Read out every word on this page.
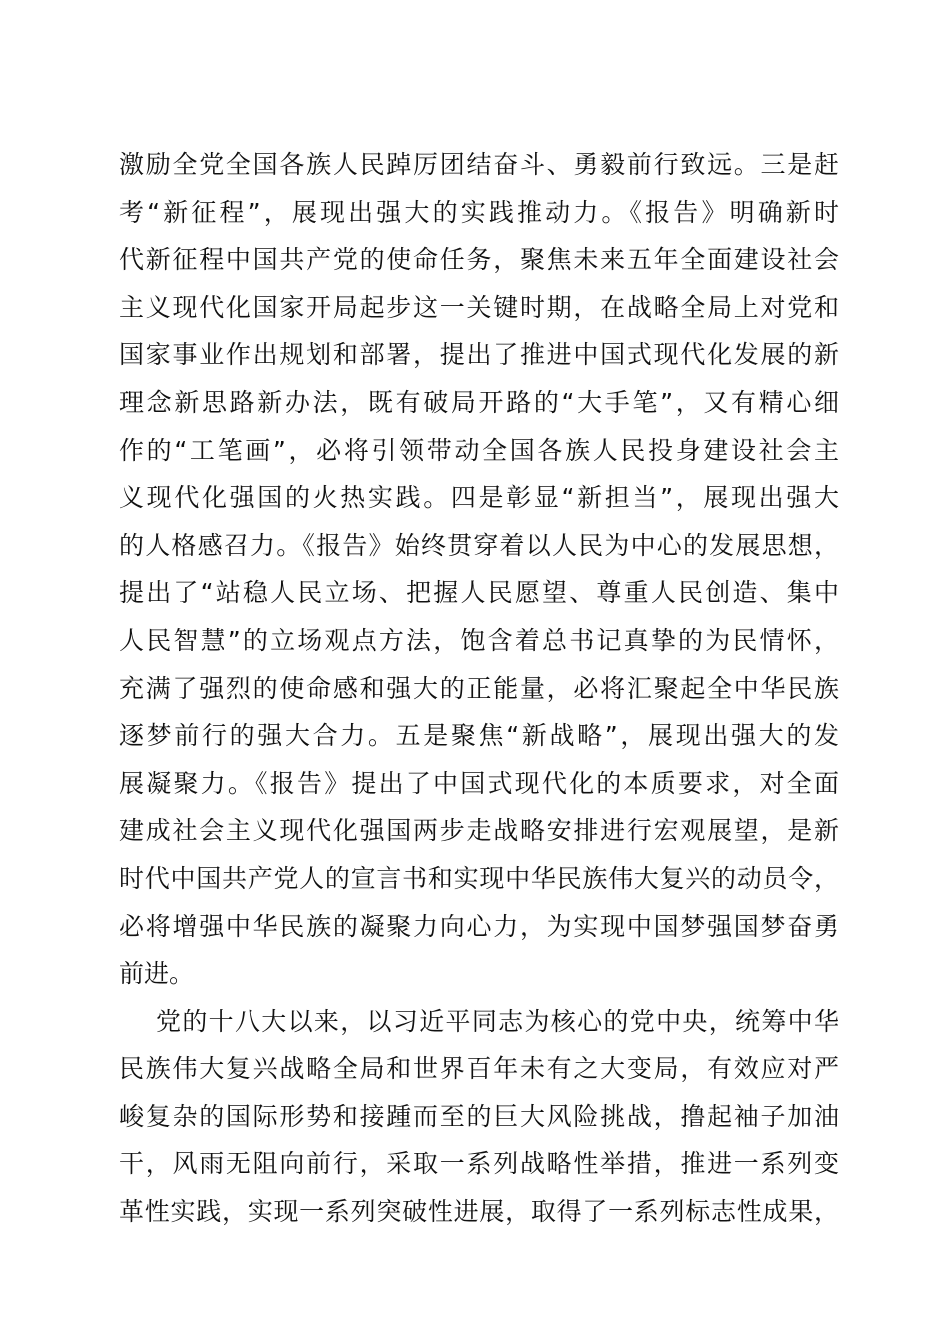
激励全党全国各族人民踔厉团结奋斗、勇毅前行致远。三是赶
考“新征程”，展现出强大的实践推动力。《报告》明确新时
代新征程中国共产党的使命任务，聚焦未来五年全面建设社会
主义现代化国家开局起步这一关键时期，在战略全局上对党和
国家事业作出规划和部署，提出了推进中国式现代化发展的新
理念新思路新办法，既有破局开路的“大手笔”，又有精心细
作的“工笔画”，必将引领带动全国各族人民投身建设社会主
义现代化强国的火热实践。四是彰显“新担当”，展现出强大
的人格感召力。《报告》始终贯穿着以人民为中心的发展思想，
提出了“站稳人民立场、把握人民愿望、尊重人民创造、集中
人民智慧”的立场观点方法，饱含着总书记真挚的为民情怀，
充满了强烈的使命感和强大的正能量，必将汇聚起全中华民族
逐梦前行的强大合力。五是聚焦“新战略”，展现出强大的发
展凝聚力。《报告》提出了中国式现代化的本质要求，对全面
建成社会主义现代化强国两步走战略安排进行宏观展望，是新
时代中国共产党人的宣言书和实现中华民族伟大复兴的动员令，
必将增强中华民族的凝聚力向心力，为实现中国梦强国梦奋勇
前进。
党的十八大以来，以习近平同志为核心的党中央，统筹中华
民族伟大复兴战略全局和世界百年未有之大变局，有效应对严
峻复杂的国际形势和接踵而至的巨大风险挑战，撸起袖子加油
干，风雨无阻向前行，采取一系列战略性举措，推进一系列变
革性实践，实现一系列突破性进展，取得了一系列标志性成果，
